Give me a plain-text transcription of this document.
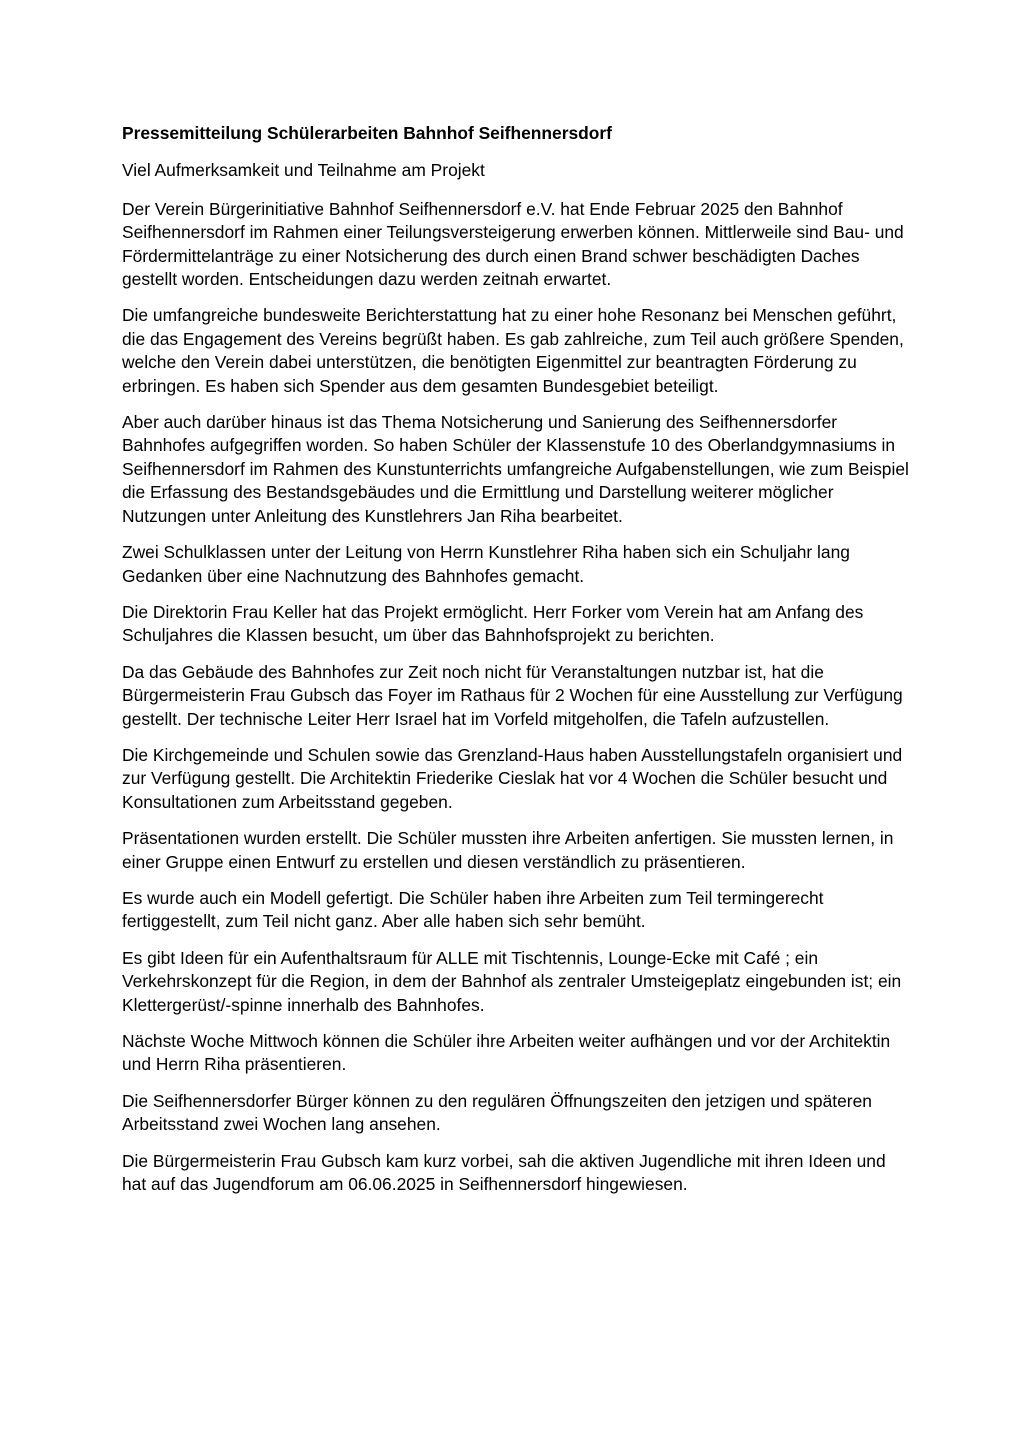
Pressemitteilung Schülerarbeiten Bahnhof Seifhennersdorf
Viel Aufmerksamkeit und Teilnahme am Projekt
Der Verein Bürgerinitiative Bahnhof Seifhennersdorf e.V. hat Ende Februar 2025 den Bahnhof Seifhennersdorf im Rahmen einer Teilungsversteigerung erwerben können. Mittlerweile sind Bau- und Fördermittelanträge zu einer Notsicherung des durch einen Brand schwer beschädigten Daches gestellt worden. Entscheidungen dazu werden zeitnah erwartet.
Die umfangreiche bundesweite Berichterstattung hat zu einer hohe Resonanz bei Menschen geführt, die das Engagement des Vereins begrüßt haben. Es gab zahlreiche, zum Teil auch größere Spenden, welche den Verein dabei unterstützen, die benötigten Eigenmittel zur beantragten Förderung zu erbringen. Es haben sich Spender aus dem gesamten Bundesgebiet beteiligt.
Aber auch darüber hinaus ist das Thema Notsicherung und Sanierung des Seifhennersdorfer Bahnhofes aufgegriffen worden. So haben Schüler der Klassenstufe 10 des Oberlandgymnasiums in Seifhennersdorf im Rahmen des Kunstunterrichts umfangreiche Aufgabenstellungen, wie zum Beispiel die Erfassung des Bestandsgebäudes und die Ermittlung und Darstellung weiterer möglicher Nutzungen unter Anleitung des Kunstlehrers Jan Riha bearbeitet.
Zwei Schulklassen unter der Leitung von Herrn Kunstlehrer Riha haben sich ein Schuljahr lang Gedanken über eine Nachnutzung des Bahnhofes gemacht.
Die Direktorin Frau Keller hat das Projekt ermöglicht. Herr Forker vom Verein hat am Anfang des Schuljahres die Klassen besucht, um über das Bahnhofsprojekt zu berichten.
Da das Gebäude des Bahnhofes zur Zeit noch nicht für Veranstaltungen nutzbar ist, hat die Bürgermeisterin Frau Gubsch das Foyer im Rathaus für 2 Wochen für eine Ausstellung zur Verfügung gestellt. Der technische Leiter Herr Israel hat im Vorfeld mitgeholfen, die Tafeln aufzustellen.
Die Kirchgemeinde und Schulen sowie das Grenzland-Haus haben Ausstellungstafeln organisiert und zur Verfügung gestellt. Die Architektin Friederike Cieslak hat vor 4 Wochen die Schüler besucht und Konsultationen zum Arbeitsstand gegeben.
Präsentationen wurden erstellt. Die Schüler mussten ihre Arbeiten anfertigen. Sie mussten lernen, in einer Gruppe einen Entwurf zu erstellen und diesen verständlich zu präsentieren.
Es wurde auch ein Modell gefertigt. Die Schüler haben ihre Arbeiten zum Teil termingerecht fertiggestellt, zum Teil nicht ganz. Aber alle haben sich sehr bemüht.
Es gibt Ideen für ein Aufenthaltsraum für ALLE mit Tischtennis, Lounge-Ecke mit Café ; ein Verkehrskonzept für die Region, in dem der Bahnhof als zentraler Umsteigeplatz eingebunden ist; ein Klettergerüst/-spinne innerhalb des Bahnhofes.
Nächste Woche Mittwoch können die Schüler ihre Arbeiten weiter aufhängen und vor der Architektin und Herrn Riha präsentieren.
Die Seifhennersdorfer Bürger können zu den regulären Öffnungszeiten den jetzigen und späteren Arbeitsstand zwei Wochen lang ansehen.
Die Bürgermeisterin Frau Gubsch kam kurz vorbei, sah die aktiven Jugendliche mit ihren Ideen und hat auf das Jugendforum am 06.06.2025 in Seifhennersdorf hingewiesen.
